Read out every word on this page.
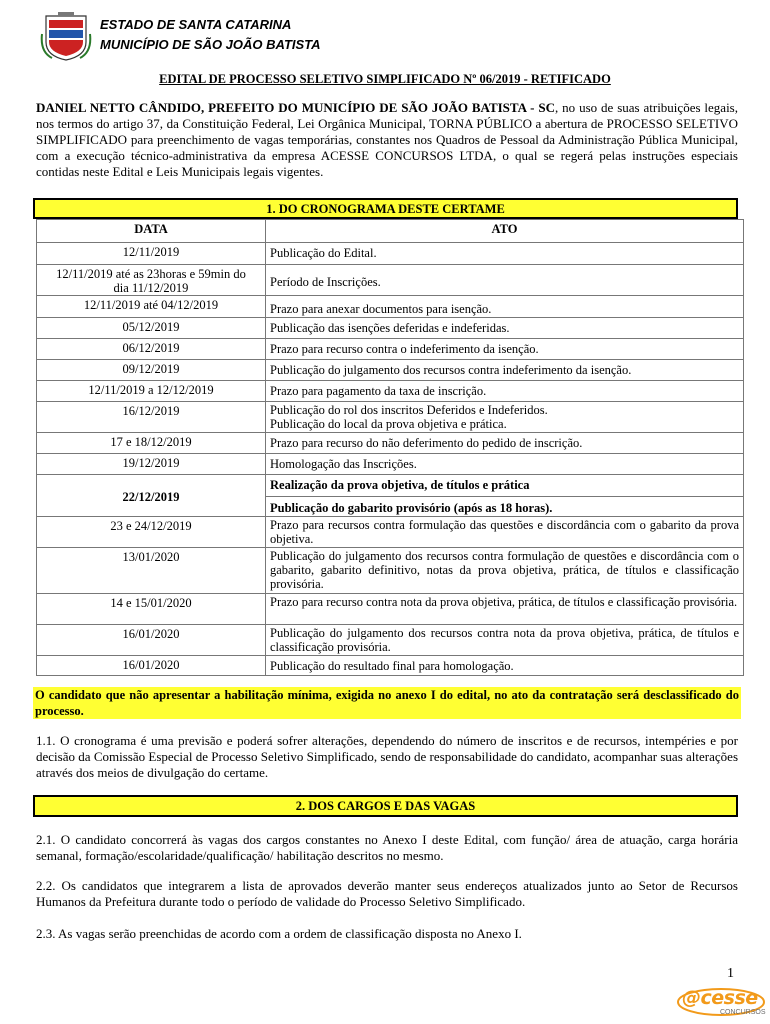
ESTADO DE SANTA CATARINA
MUNICÍPIO DE SÃO JOÃO BATISTA
EDITAL DE PROCESSO SELETIVO SIMPLIFICADO Nº 06/2019 - RETIFICADO
DANIEL NETTO CÂNDIDO, PREFEITO DO MUNICÍPIO DE SÃO JOÃO BATISTA - SC, no uso de suas atribuições legais, nos termos do artigo 37, da Constituição Federal, Lei Orgânica Municipal, TORNA PÚBLICO a abertura de PROCESSO SELETIVO SIMPLIFICADO para preenchimento de vagas temporárias, constantes nos Quadros de Pessoal da Administração Pública Municipal, com a execução técnico-administrativa da empresa ACESSE CONCURSOS LTDA, o qual se regerá pelas instruções especiais contidas neste Edital e Leis Municipais legais vigentes.
1. DO CRONOGRAMA DESTE CERTAME
DATA	ATO
12/11/2019	Publicação do Edital.
12/11/2019 até as 23horas e 59min do dia 11/12/2019	Período de Inscrições.
12/11/2019 até 04/12/2019	Prazo para anexar documentos para isenção.
05/12/2019	Publicação das isenções deferidas e indeferidas.
06/12/2019	Prazo para recurso contra o indeferimento da isenção.
09/12/2019	Publicação do julgamento dos recursos contra indeferimento da isenção.
12/11/2019 a 12/12/2019	Prazo para pagamento da taxa de inscrição.
16/12/2019	Publicação do rol dos inscritos Deferidos e Indeferidos.
Publicação do local da prova objetiva e prática.

17 e 18/12/2019	Prazo para recurso do não deferimento do pedido de inscrição.
19/12/2019	Homologação das Inscrições.
22/12/2019	Realização da prova objetiva, de títulos e prática
Publicação do gabarito provisório (após as 18 horas).

23 e 24/12/2019	Prazo para recursos contra formulação das questões e discordância com o gabarito da prova objetiva.
13/01/2020	Publicação do julgamento dos recursos contra formulação de questões e discordância com o gabarito, gabarito definitivo, notas da prova objetiva, prática, de títulos e classificação provisória.
14 e 15/01/2020	Prazo para recurso contra nota da prova objetiva, prática, de títulos e classificação provisória.
16/01/2020	Publicação do julgamento dos recursos contra nota da prova objetiva, prática, de títulos e classificação provisória.
16/01/2020	Publicação do resultado final para homologação.
O candidato que não apresentar a habilitação mínima, exigida no anexo I do edital, no ato da contratação será desclassificado do processo.
1.1. O cronograma é uma previsão e poderá sofrer alterações, dependendo do número de inscritos e de recursos, intempéries e por decisão da Comissão Especial de Processo Seletivo Simplificado, sendo de responsabilidade do candidato, acompanhar suas alterações através dos meios de divulgação do certame.
2. DOS CARGOS E DAS VAGAS
2.1. O candidato concorrerá às vagas dos cargos constantes no Anexo I deste Edital, com função/ área de atuação, carga horária semanal, formação/escolaridade/qualificação/ habilitação descritos no mesmo.
2.2. Os candidatos que integrarem a lista de aprovados deverão manter seus endereços atualizados junto ao Setor de Recursos Humanos da Prefeitura durante todo o período de validade do Processo Seletivo Simplificado.
2.3. As vagas serão preenchidas de acordo com a ordem de classificação disposta no Anexo I.
1
@cesse
CONCURSOS
